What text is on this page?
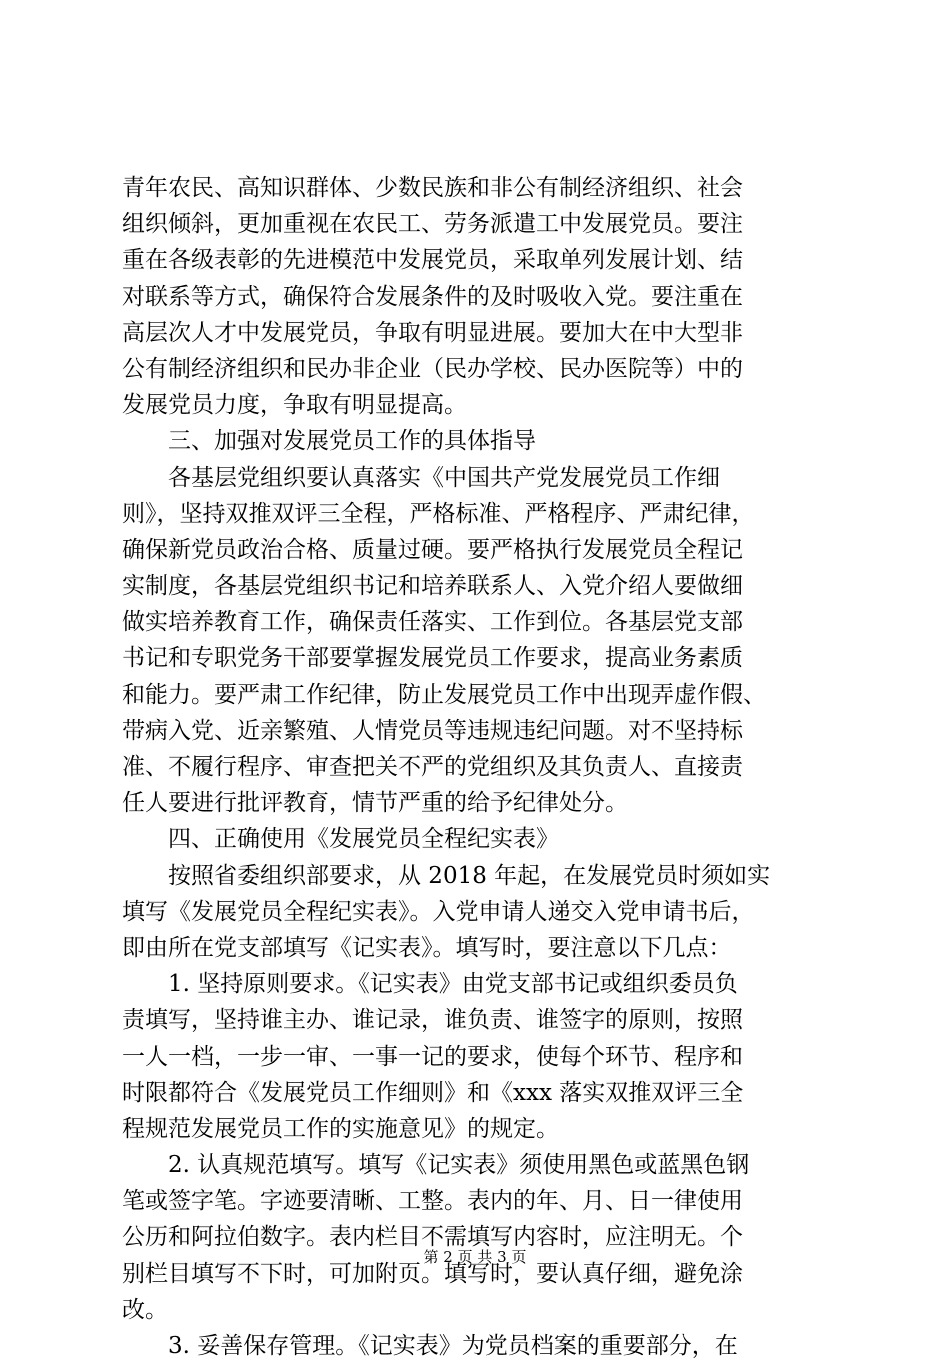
青年农民、高知识群体、少数民族和非公有制经济组织、社会
组织倾斜，更加重视在农民工、劳务派遣工中发展党员。要注
重在各级表彰的先进模范中发展党员，采取单列发展计划、结
对联系等方式，确保符合发展条件的及时吸收入党。要注重在
高层次人才中发展党员，争取有明显进展。要加大在中大型非
公有制经济组织和民办非企业（民办学校、民办医院等）中的
发展党员力度，争取有明显提高。
　　三、加强对发展党员工作的具体指导
　　各基层党组织要认真落实《中国共产党发展党员工作细
则》，坚持双推双评三全程，严格标准、严格程序、严肃纪律，
确保新党员政治合格、质量过硬。要严格执行发展党员全程记
实制度，各基层党组织书记和培养联系人、入党介绍人要做细
做实培养教育工作，确保责任落实、工作到位。各基层党支部
书记和专职党务干部要掌握发展党员工作要求，提高业务素质
和能力。要严肃工作纪律，防止发展党员工作中出现弄虚作假、
带病入党、近亲繁殖、人情党员等违规违纪问题。对不坚持标
准、不履行程序、审查把关不严的党组织及其负责人、直接责
任人要进行批评教育，情节严重的给予纪律处分。
　　四、正确使用《发展党员全程纪实表》
　　按照省委组织部要求，从 2018 年起，在发展党员时须如实
填写《发展党员全程纪实表》。入党申请人递交入党申请书后，
即由所在党支部填写《记实表》。填写时，要注意以下几点：
　　1. 坚持原则要求。《记实表》由党支部书记或组织委员负
责填写，坚持谁主办、谁记录，谁负责、谁签字的原则，按照
一人一档，一步一审、一事一记的要求，使每个环节、程序和
时限都符合《发展党员工作细则》和《xxx 落实双推双评三全
程规范发展党员工作的实施意见》的规定。
　　2. 认真规范填写。填写《记实表》须使用黑色或蓝黑色钢
笔或签字笔。字迹要清晰、工整。表内的年、月、日一律使用
公历和阿拉伯数字。表内栏目不需填写内容时，应注明无。个
别栏目填写不下时，可加附页。填写时，要认真仔细，避免涂
改。
　　3. 妥善保存管理。《记实表》为党员档案的重要部分，在
第 2 页 共 3 页
